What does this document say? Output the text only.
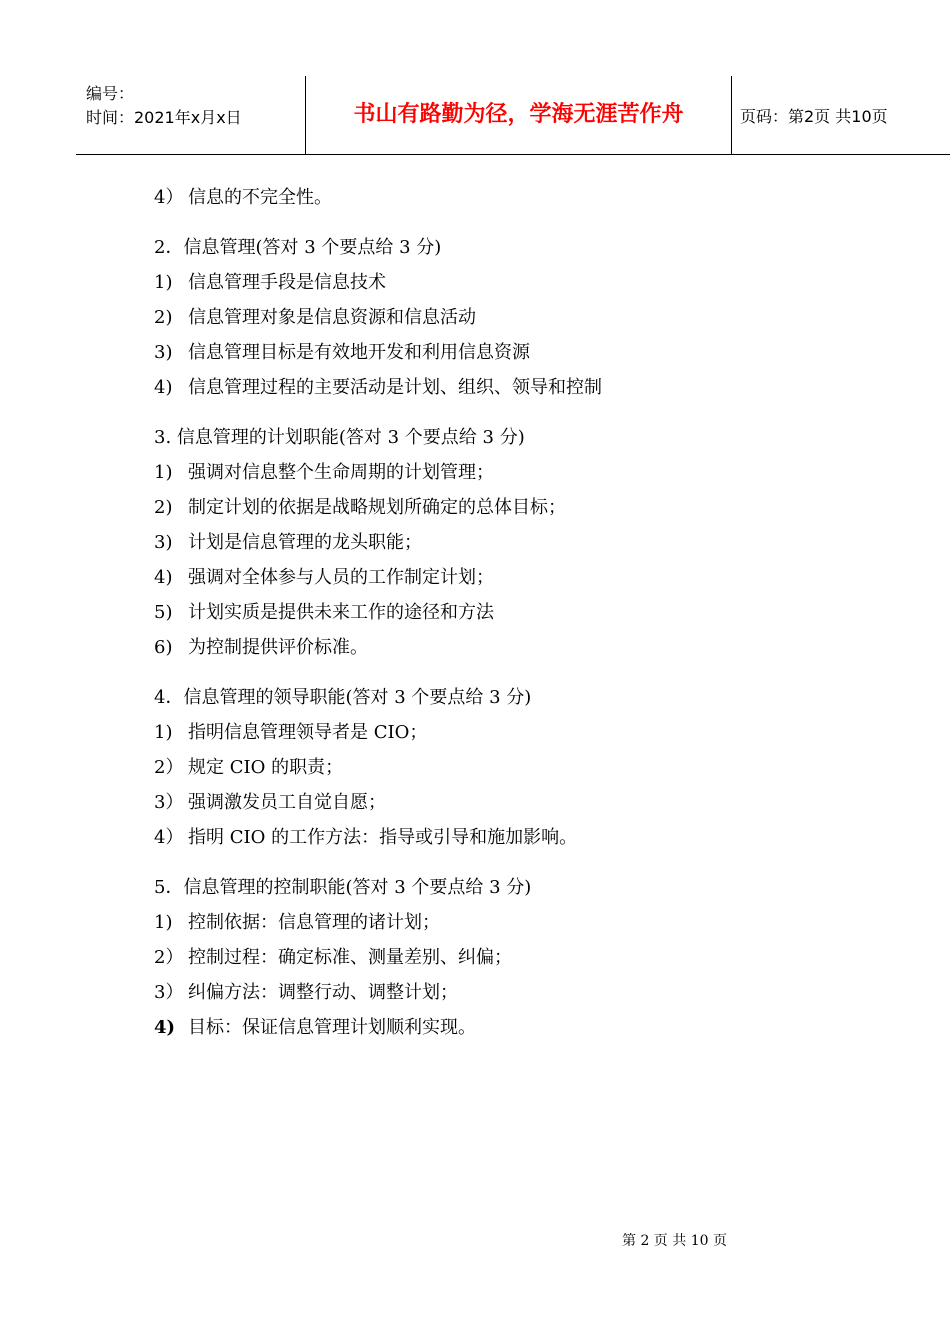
编号：
时间：2021年x月x日	书山有路勤为径，学海无涯苦作舟	页码：第2页 共10页
4） 信息的不完全性。
2．信息管理(答对 3 个要点给 3 分)
1) 信息管理手段是信息技术
2) 信息管理对象是信息资源和信息活动
3) 信息管理目标是有效地开发和利用信息资源
4) 信息管理过程的主要活动是计划、组织、领导和控制
3. 信息管理的计划职能(答对 3 个要点给 3 分)
1) 强调对信息整个生命周期的计划管理；
2) 制定计划的依据是战略规划所确定的总体目标；
3) 计划是信息管理的龙头职能；
4) 强调对全体参与人员的工作制定计划；
5) 计划实质是提供未来工作的途径和方法
6) 为控制提供评价标准。
4．信息管理的领导职能(答对 3 个要点给 3 分)
1) 指明信息管理领导者是 CIO；
2） 规定 CIO 的职责；
3） 强调激发员工自觉自愿；
4） 指明 CIO 的工作方法：指导或引导和施加影响。
5．信息管理的控制职能(答对 3 个要点给 3 分)
1) 控制依据：信息管理的诸计划；
2） 控制过程：确定标准、测量差别、纠偏；
3） 纠偏方法：调整行动、调整计划；
4) 目标：保证信息管理计划顺利实现。
第 2 页 共 10 页
